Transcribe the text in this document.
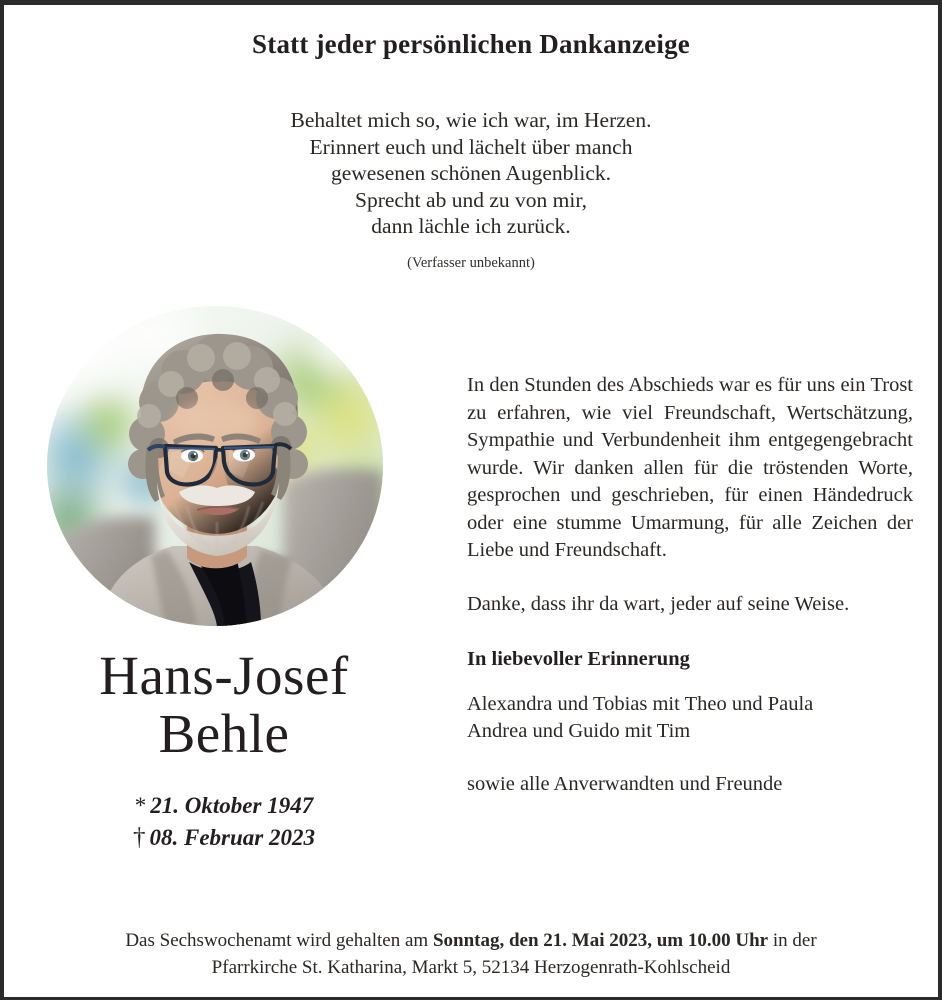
Statt jeder persönlichen Dankanzeige
Behaltet mich so, wie ich war, im Herzen.
Erinnert euch und lächelt über manch
gewesenen schönen Augenblick.
Sprecht ab und zu von mir,
dann lächle ich zurück.
(Verfasser unbekannt)
Hans-Josef
Behle
* 21. Oktober 1947
† 08. Februar 2023

In den Stunden des Abschieds war es für uns ein Trost zu erfahren, wie viel Freundschaft, Wertschätzung, Sympathie und Verbundenheit ihm entgegengebracht wurde. Wir danken allen für die tröstenden Worte, gesprochen und geschrieben, für einen Händedruck oder eine stumme Umarmung, für alle Zeichen der Liebe und Freundschaft.

Danke, dass ihr da wart, jeder auf seine Weise.

In liebevoller Erinnerung

Alexandra und Tobias mit Theo und Paula
Andrea und Guido mit Tim

sowie alle Anverwandten und Freunde

Das Sechswochenamt wird gehalten am Sonntag, den 21. Mai 2023, um 10.00 Uhr in der
Pfarrkirche St. Katharina, Markt 5, 52134 Herzogenrath-Kohlscheid
